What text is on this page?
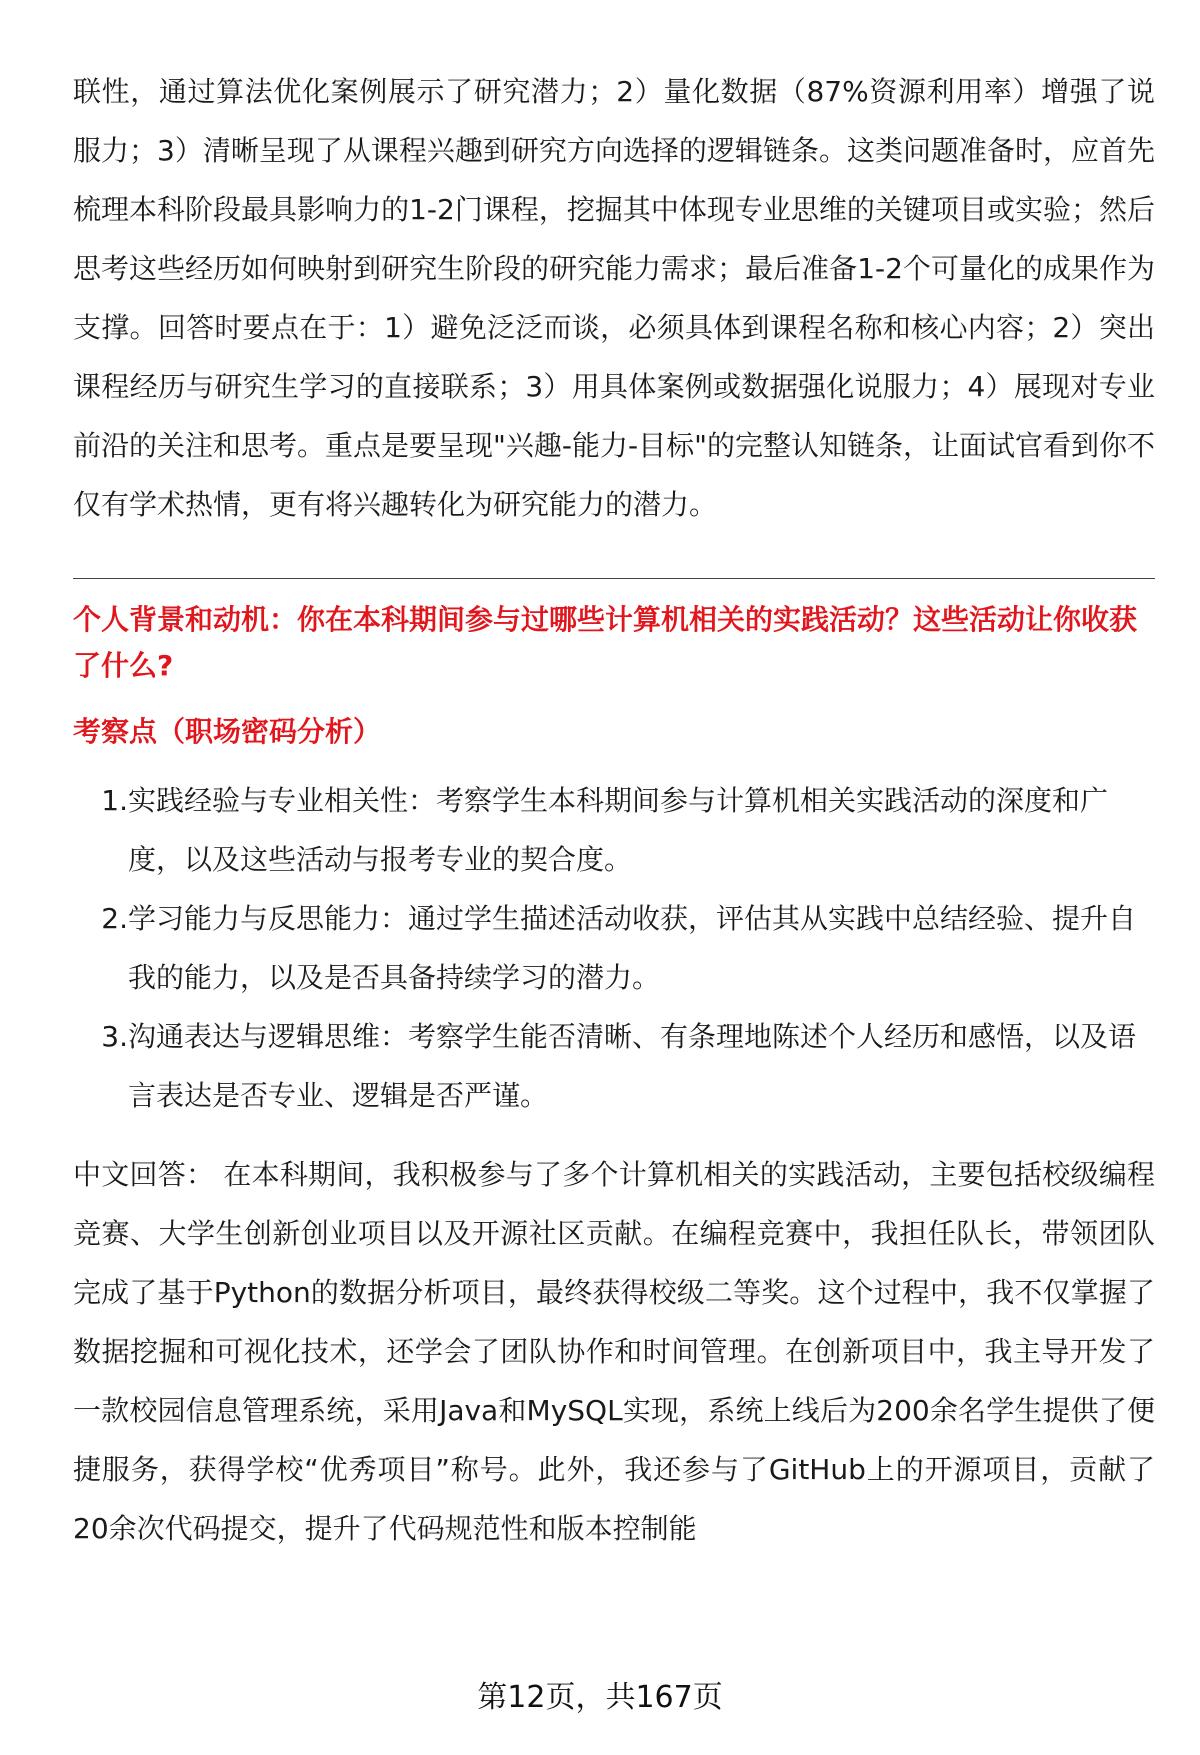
联性，通过算法优化案例展示了研究潜力；2）量化数据（87%资源利用率）增强了说服力；3）清晰呈现了从课程兴趣到研究方向选择的逻辑链条。这类问题准备时，应首先梳理本科阶段最具影响力的1-2门课程，挖掘其中体现专业思维的关键项目或实验；然后思考这些经历如何映射到研究生阶段的研究能力需求；最后准备1-2个可量化的成果作为支撑。回答时要点在于：1）避免泛泛而谈，必须具体到课程名称和核心内容；2）突出课程经历与研究生学习的直接联系；3）用具体案例或数据强化说服力；4）展现对专业前沿的关注和思考。重点是要呈现"兴趣-能力-目标"的完整认知链条，让面试官看到你不仅有学术热情，更有将兴趣转化为研究能力的潜力。

个人背景和动机：你在本科期间参与过哪些计算机相关的实践活动？这些活动让你收获了什么?
考察点（职场密码分析）
1. 实践经验与专业相关性：考察学生本科期间参与计算机相关实践活动的深度和广度，以及这些活动与报考专业的契合度。
2. 学习能力与反思能力：通过学生描述活动收获，评估其从实践中总结经验、提升自我的能力，以及是否具备持续学习的潜力。
3. 沟通表达与逻辑思维：考察学生能否清晰、有条理地陈述个人经历和感悟，以及语言表达是否专业、逻辑是否严谨。

中文回答： 在本科期间，我积极参与了多个计算机相关的实践活动，主要包括校级编程竞赛、大学生创新创业项目以及开源社区贡献。在编程竞赛中，我担任队长，带领团队完成了基于Python的数据分析项目，最终获得校级二等奖。这个过程中，我不仅掌握了数据挖掘和可视化技术，还学会了团队协作和时间管理。在创新项目中，我主导开发了一款校园信息管理系统，采用Java和MySQL实现，系统上线后为200余名学生提供了便捷服务，获得学校“优秀项目”称号。此外，我还参与了GitHub上的开源项目，贡献了20余次代码提交，提升了代码规范性和版本控制能

第12页，共167页
